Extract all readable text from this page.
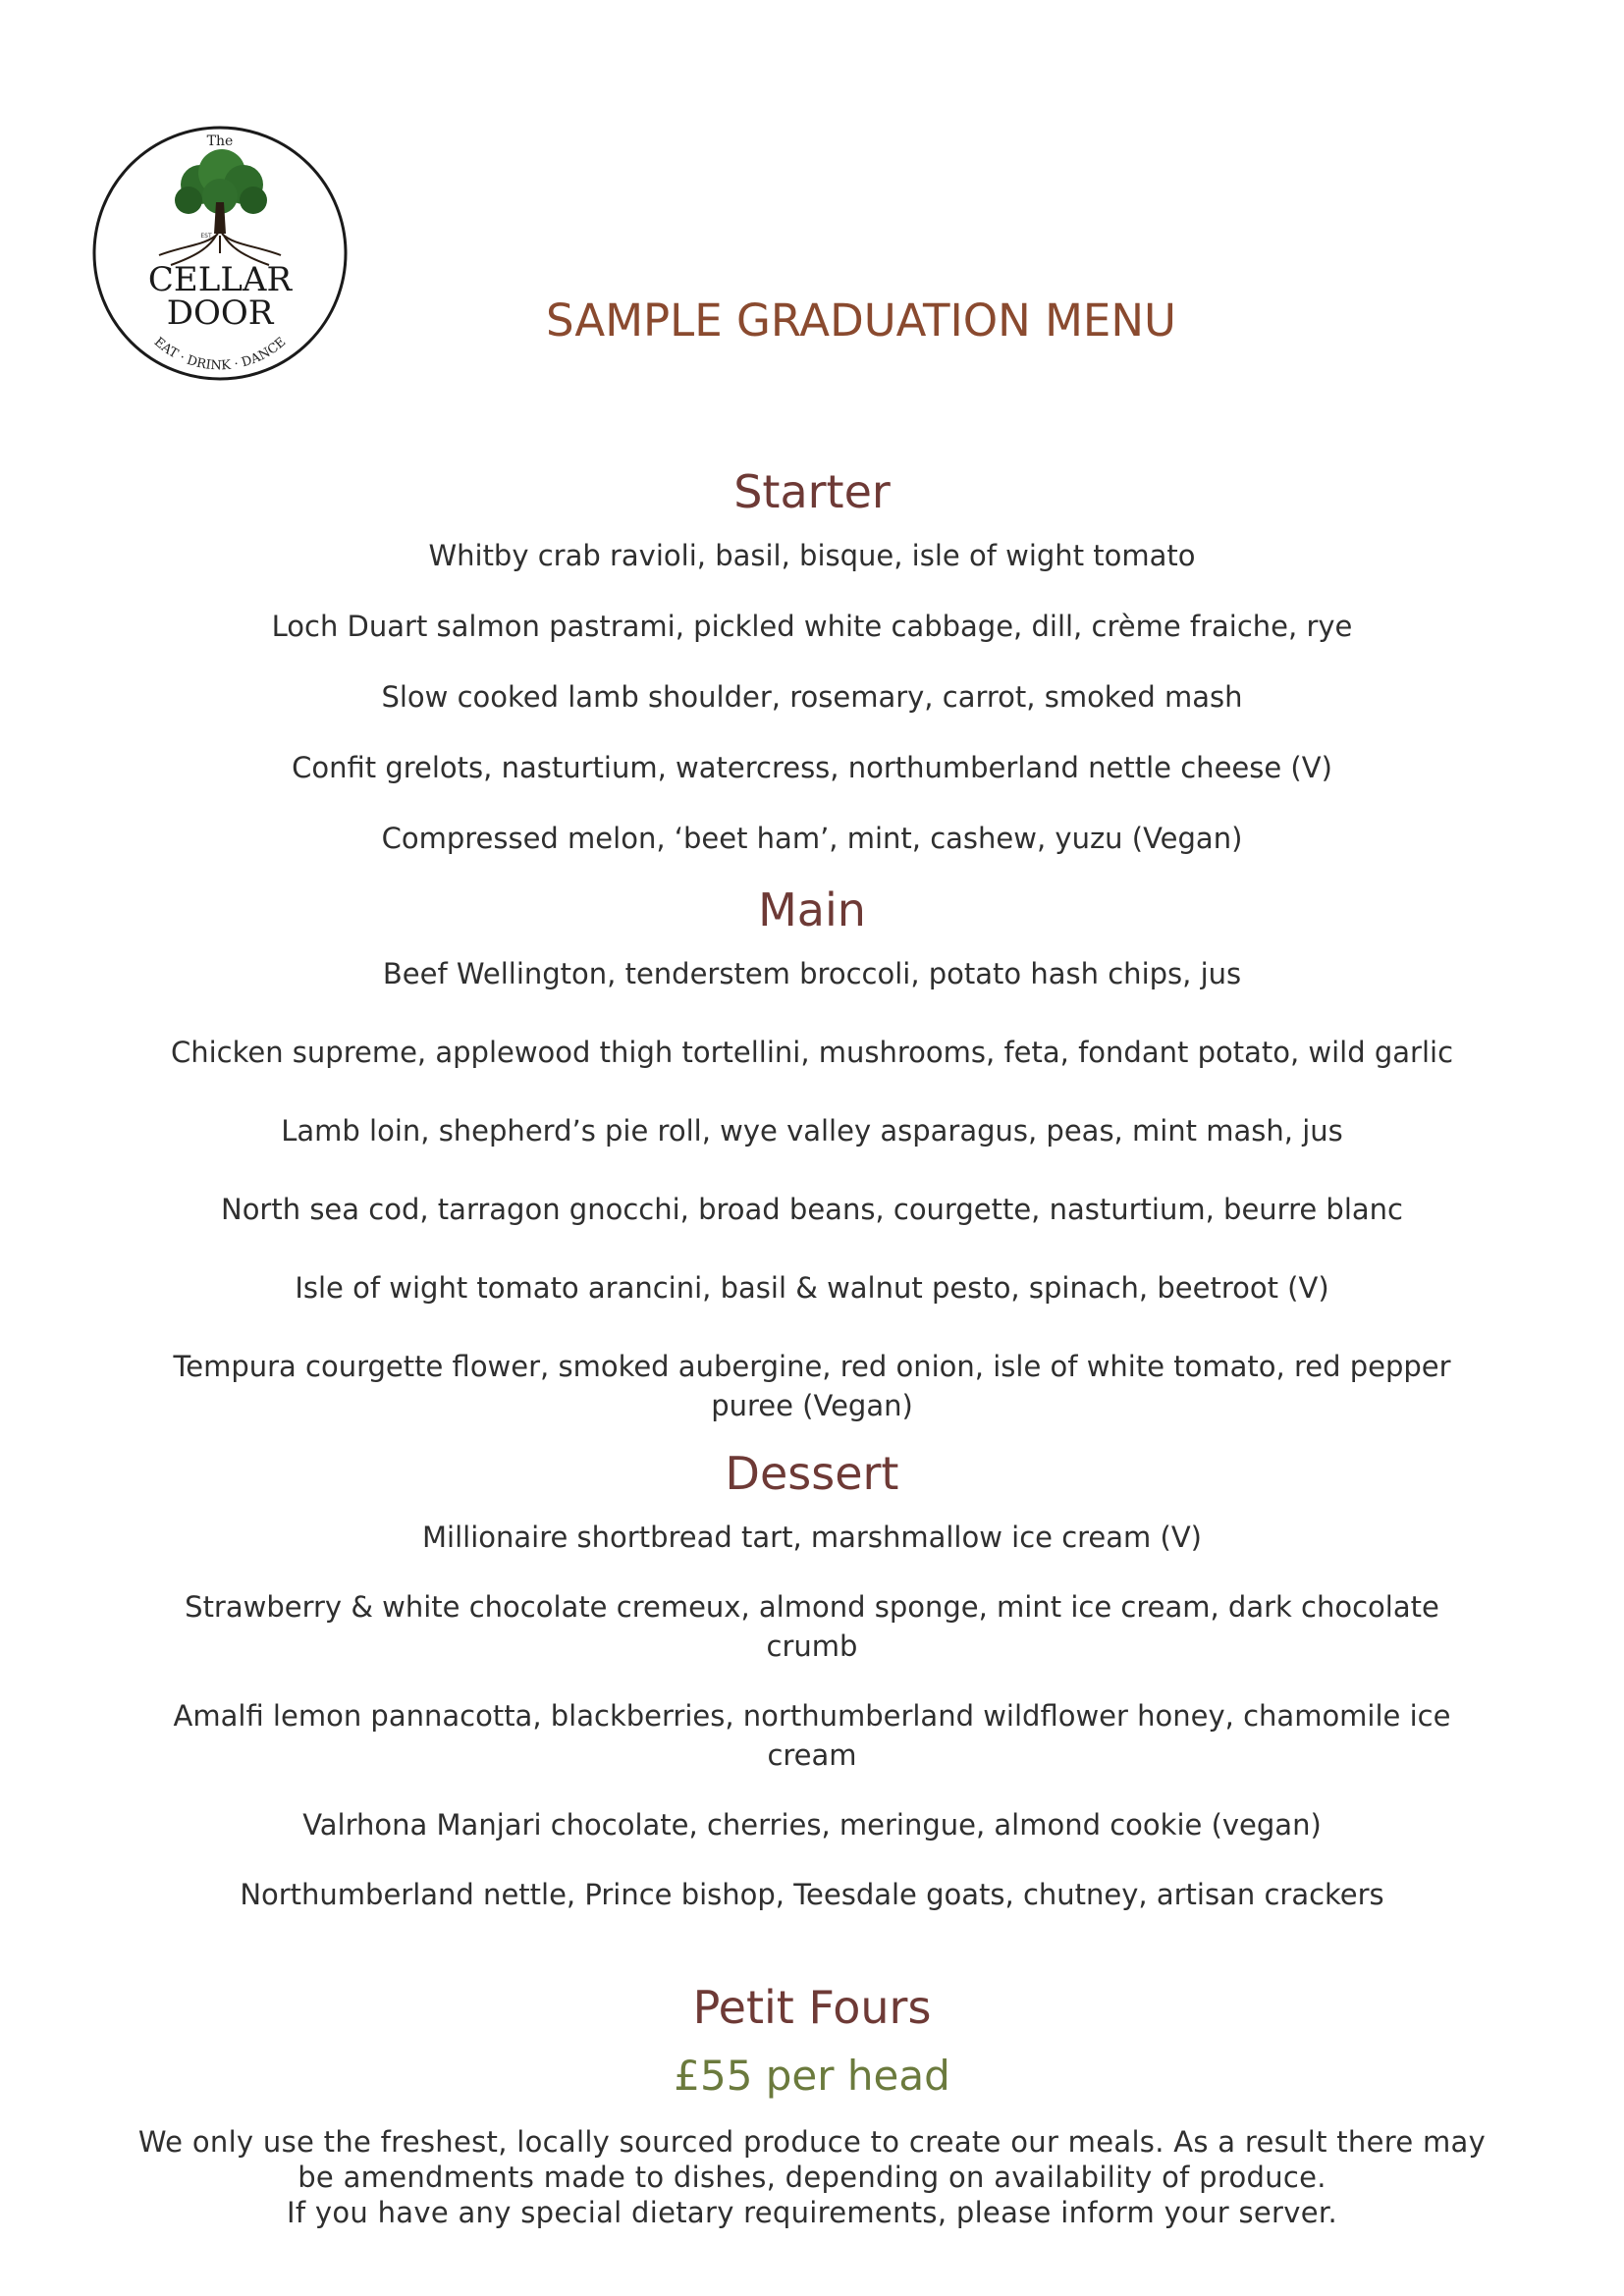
The
EST
CELLAR
DOOR
EAT · DRINK · DANCE	SAMPLE GRADUATION MENU
Starter

Whitby crab ravioli, basil, bisque, isle of wight tomato

Loch Duart salmon pastrami, pickled white cabbage, dill, crème fraiche, rye

Slow cooked lamb shoulder, rosemary, carrot, smoked mash

Confit grelots, nasturtium, watercress, northumberland nettle cheese (V)

Compressed melon, ‘beet ham’, mint, cashew, yuzu (Vegan)

Main

Beef Wellington, tenderstem broccoli, potato hash chips, jus

Chicken supreme, applewood thigh tortellini, mushrooms, feta, fondant potato, wild garlic

Lamb loin, shepherd’s pie roll, wye valley asparagus, peas, mint mash, jus

North sea cod, tarragon gnocchi, broad beans, courgette, nasturtium, beurre blanc

Isle of wight tomato arancini, basil & walnut pesto, spinach, beetroot (V)

Tempura courgette flower, smoked aubergine, red onion, isle of white tomato, red pepper puree (Vegan)

Dessert

Millionaire shortbread tart, marshmallow ice cream (V)

Strawberry & white chocolate cremeux, almond sponge, mint ice cream, dark chocolate crumb

Amalfi lemon pannacotta, blackberries, northumberland wildflower honey, chamomile ice cream

Valrhona Manjari chocolate, cherries, meringue, almond cookie (vegan)

Northumberland nettle, Prince bishop, Teesdale goats, chutney, artisan crackers

Petit Fours
£55 per head
We only use the freshest, locally sourced produce to create our meals. As a result there may be amendments made to dishes, depending on availability of produce.
If you have any special dietary requirements, please inform your server.
